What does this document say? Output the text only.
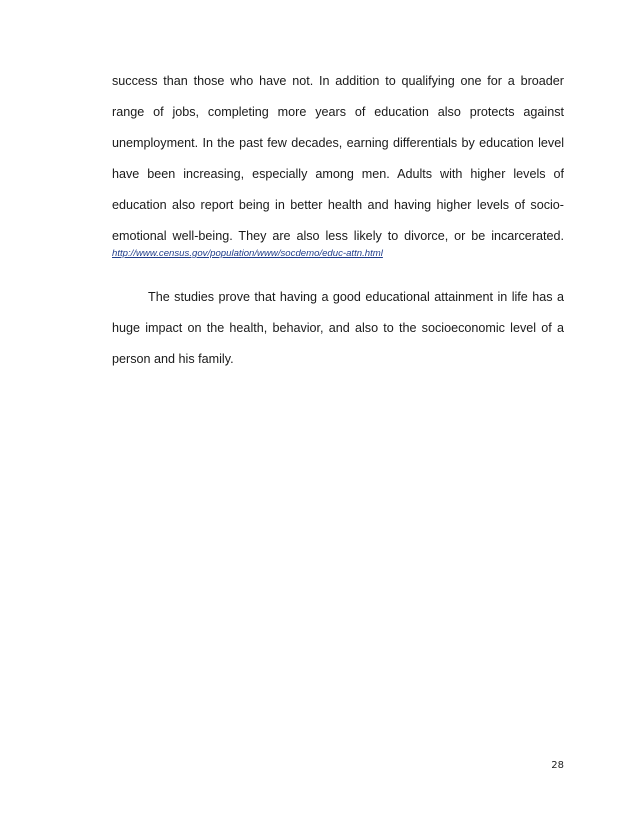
success than those who have not. In addition to qualifying one for a broader
range of jobs, completing more years of education also protects against
unemployment. In the past few decades, earning differentials by education level
have been increasing, especially among men. Adults with higher levels of
education also report being in better health and having higher levels of socio-
emotional well-being. They are also less likely to divorce, or be incarcerated.
http://www.census.gov/population/www/socdemo/educ-attn.html
The studies prove that having a good educational attainment in life has a
huge impact on the health, behavior, and also to the socioeconomic level of a
person and his family.
28
